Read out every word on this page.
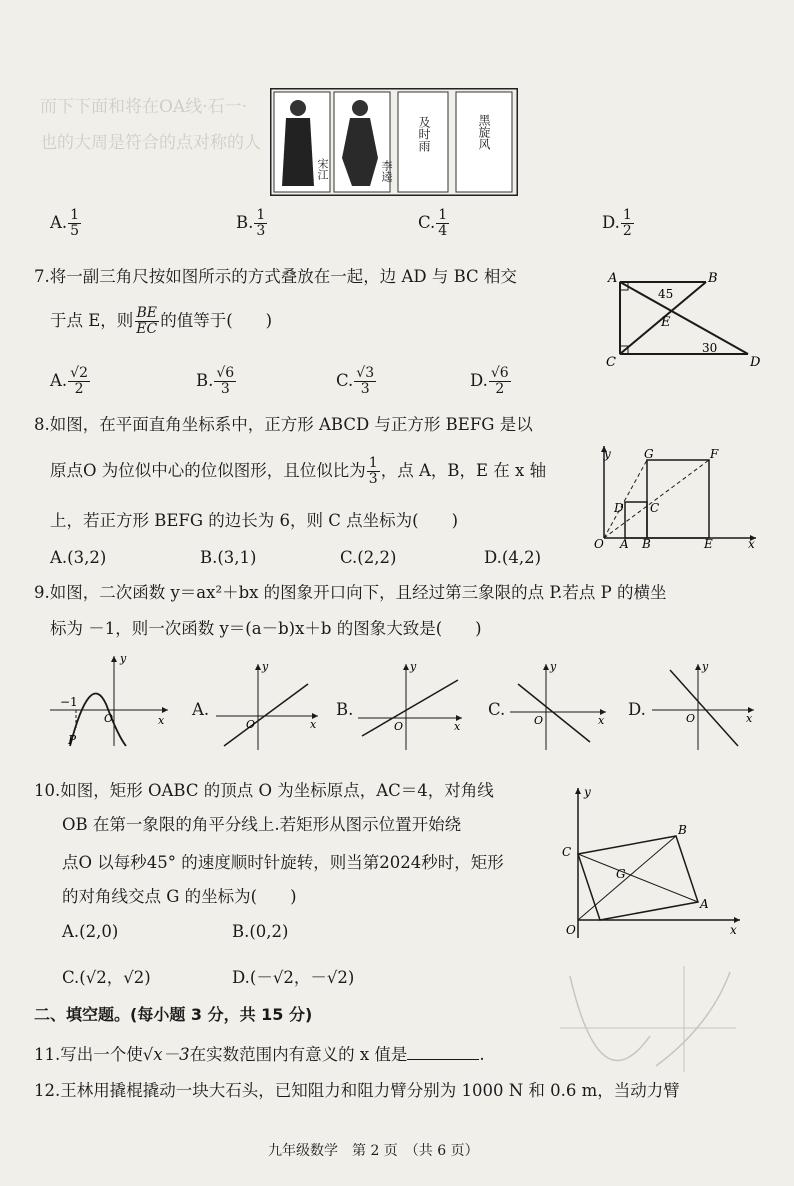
而下下面和将在OA线·石一·
也的大周是符合的点对称的人
宋江	李逵
及时雨	黑旋风
A. $\frac{1}{5}$	B. $\frac{1}{3}$	C. $\frac{1}{4}$	D. $\frac{1}{2}$
7.将一副三角尺按如图所示的方式叠放在一起，边 AD 与 BC 相交
于点 E，则 $\frac{BE}{EC}$ 的值等于(　　)
A	B
C	D
E
45
30
A. $\frac{√2}{2}$	B. $\frac{√6}{3}$	C. $\frac{√3}{3}$	D. $\frac{√6}{2}$
8.如图，在平面直角坐标系中，正方形 ABCD 与正方形 BEFG 是以
原点O 为位似中心的位似图形，且位似比为 $\frac{1}{3}$ ，点 A，B，E 在 x 轴
上，若正方形 BEFG 的边长为 6，则 C 点坐标为(　　)
A.(3,2)	B.(3,1)	C.(2,2)	D.(4,2)
y
x
O A B	E
C
D
G	F
9.如图，二次函数 y＝ax²＋bx 的图象开口向下，且经过第三象限的点 P.若点 P 的横坐
标为 －1，则一次函数 y＝(a－b)x＋b 的图象大致是(　　)
−1
P
O	x
y
A.
O	x
y
B.
O	x
y
C.
O	x
y
D.	O	x
y
10.如图，矩形 OABC 的顶点 O 为坐标原点，AC＝4，对角线
OB 在第一象限的角平分线上.若矩形从图示位置开始绕
点O 以每秒45° 的速度顺时针旋转，则当第2024秒时，矩形
的对角线交点 G 的坐标为(　　)
A.(2,0)	B.(0,2)
C.(√2，√2)	D.(－√2，－√2)
y
x
O
A
B
C
G
二、填空题。(每小题 3 分，共 15 分)
11.写出一个使√x－3在实数范围内有意义的 x 值是	.
12.王林用撬棍撬动一块大石头，已知阻力和阻力臂分别为 1000 N 和 0.6 m，当动力臂
九年级数学　第 2 页　（共 6 页）
